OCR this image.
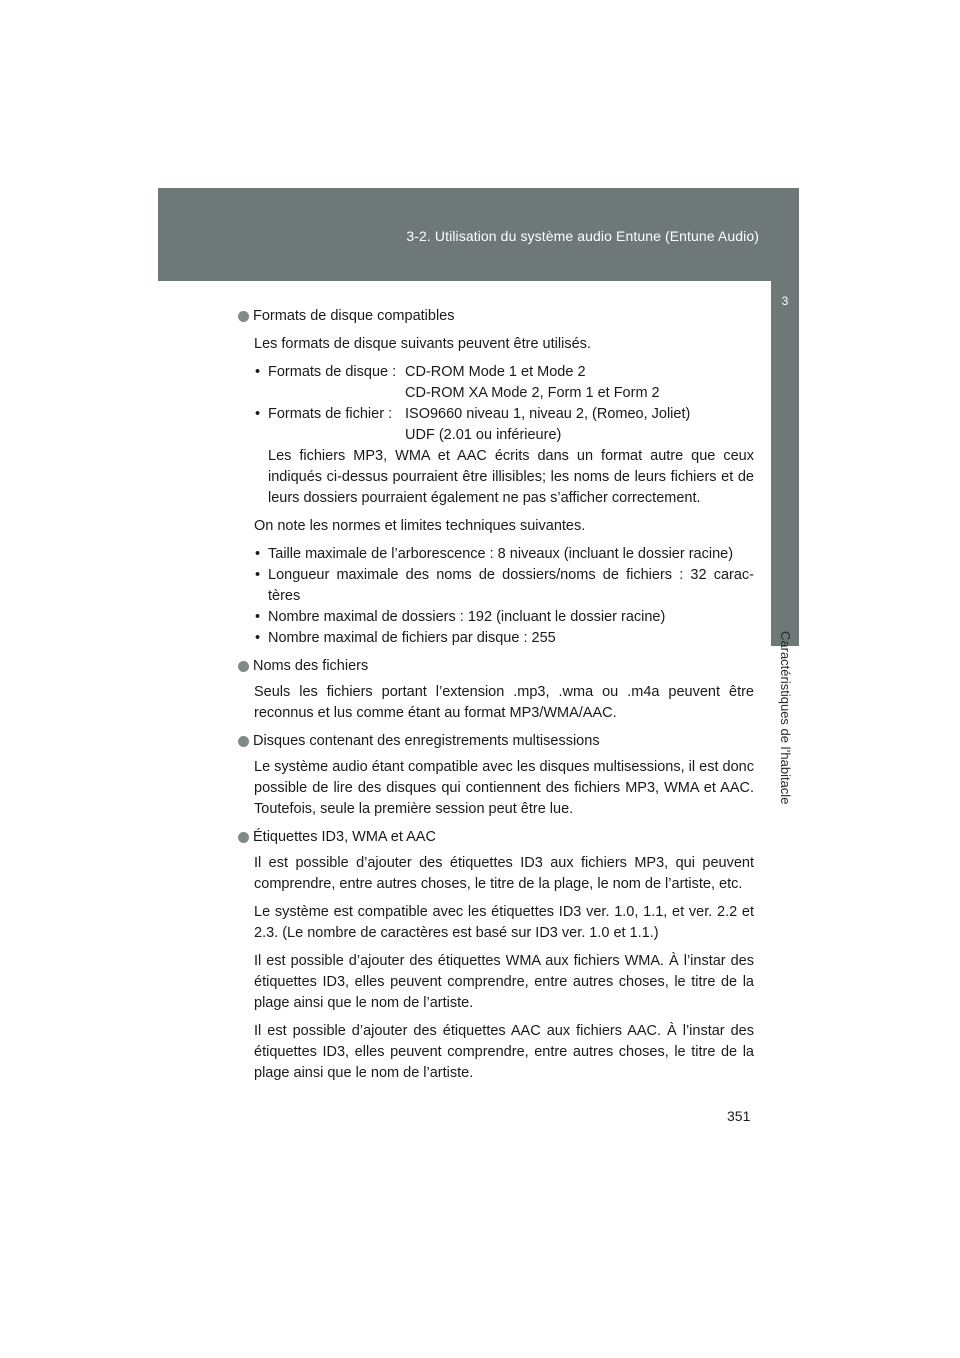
3-2. Utilisation du système audio Entune (Entune Audio)
3
Caractéristiques de l’habitacle
Formats de disque compatibles
Les formats de disque suivants peuvent être utilisés.
• Formats de disque : CD-ROM Mode 1 et Mode 2
CD-ROM XA Mode 2, Form 1 et Form 2
• Formats de fichier : ISO9660 niveau 1, niveau 2, (Romeo, Joliet)
UDF (2.01 ou inférieure)
Les fichiers MP3, WMA et AAC écrits dans un format autre que ceux indiqués ci-dessus pourraient être illisibles; les noms de leurs fichiers et de leurs dossiers pourraient également ne pas s’afficher correctement.
On note les normes et limites techniques suivantes.
• Taille maximale de l’arborescence : 8 niveaux (incluant le dossier racine)
• Longueur maximale des noms de dossiers/noms de fichiers : 32 carac-tères
• Nombre maximal de dossiers : 192 (incluant le dossier racine)
• Nombre maximal de fichiers par disque : 255
Noms des fichiers
Seuls les fichiers portant l’extension .mp3, .wma ou .m4a peuvent être reconnus et lus comme étant au format MP3/WMA/AAC.
Disques contenant des enregistrements multisessions
Le système audio étant compatible avec les disques multisessions, il est donc possible de lire des disques qui contiennent des fichiers MP3, WMA et AAC. Toutefois, seule la première session peut être lue.
Étiquettes ID3, WMA et AAC
Il est possible d’ajouter des étiquettes ID3 aux fichiers MP3, qui peuvent comprendre, entre autres choses, le titre de la plage, le nom de l’artiste, etc.
Le système est compatible avec les étiquettes ID3 ver. 1.0, 1.1, et ver. 2.2 et 2.3. (Le nombre de caractères est basé sur ID3 ver. 1.0 et 1.1.)
Il est possible d’ajouter des étiquettes WMA aux fichiers WMA. À l’instar des étiquettes ID3, elles peuvent comprendre, entre autres choses, le titre de la plage ainsi que le nom de l’artiste.
Il est possible d’ajouter des étiquettes AAC aux fichiers AAC. À l’instar des étiquettes ID3, elles peuvent comprendre, entre autres choses, le titre de la plage ainsi que le nom de l’artiste.
351
